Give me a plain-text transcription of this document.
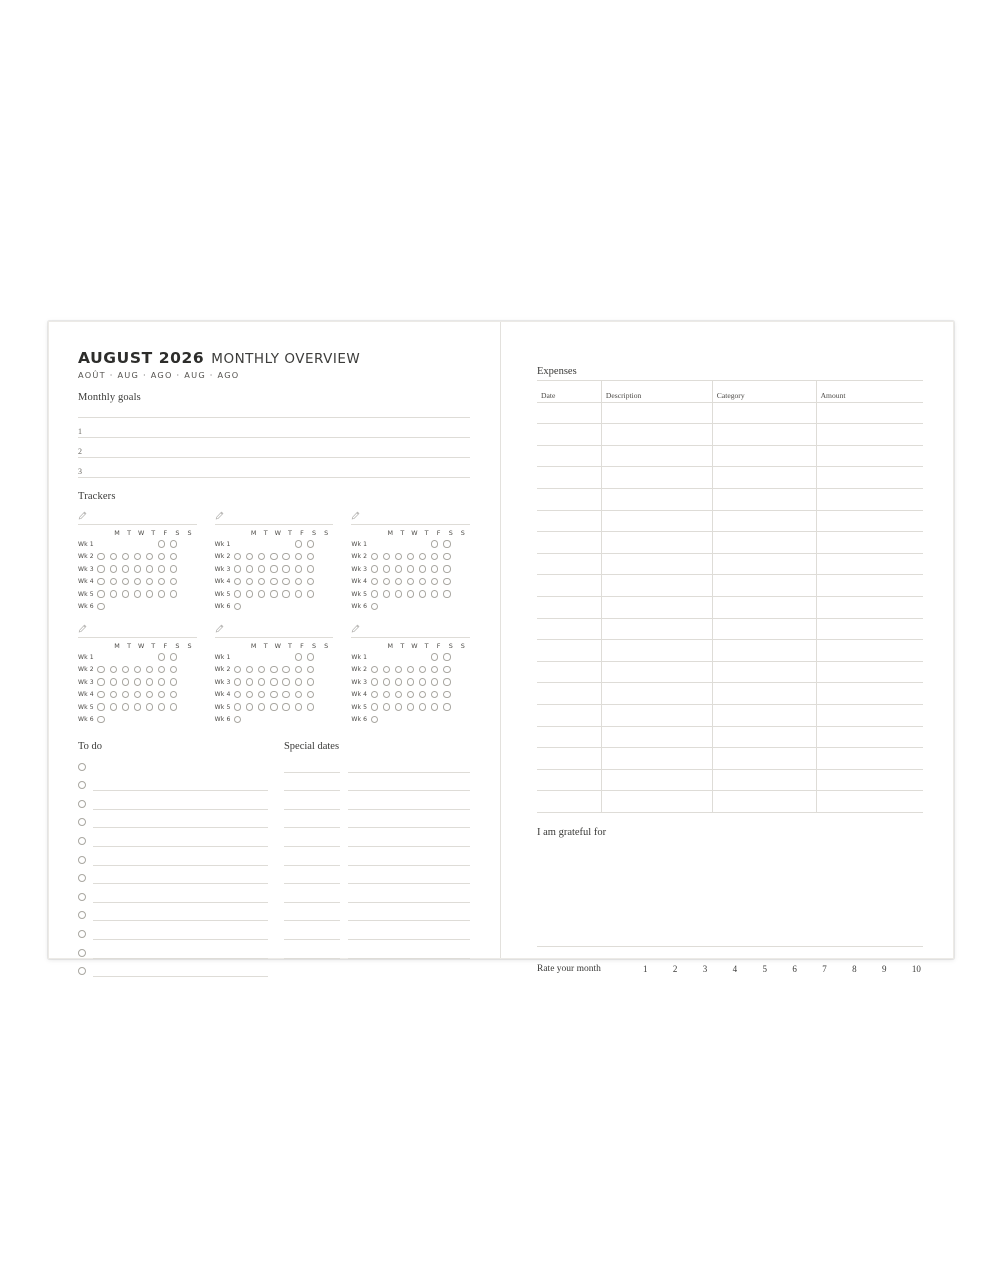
AUGUST 2026 MONTHLY OVERVIEW
AOÛT · AUG · AGO · AUG · AGO
Monthly goals
1
2
3
Trackers
M	T	W	T	F	S	S
Wk 1
Wk 2
Wk 3
Wk 4
Wk 5
Wk 6
M	T	W	T	F	S	S
Wk 1
Wk 2
Wk 3
Wk 4
Wk 5
Wk 6
M	T	W	T	F	S	S
Wk 1
Wk 2
Wk 3
Wk 4
Wk 5
Wk 6
M	T	W	T	F	S	S
Wk 1
Wk 2
Wk 3
Wk 4
Wk 5
Wk 6
M	T	W	T	F	S	S
Wk 1
Wk 2
Wk 3
Wk 4
Wk 5
Wk 6
M	T	W	T	F	S	S
Wk 1
Wk 2
Wk 3
Wk 4
Wk 5
Wk 6
To do	Special dates
Expenses
Date	Description	Category	Amount

I am grateful for
Rate your month	1	2	3	4	5	6	7	8	9	10
